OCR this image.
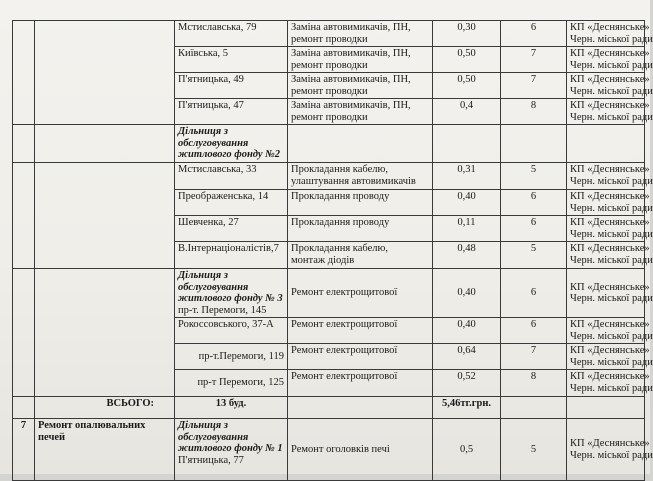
		Мстиславська, 79	Заміна автовимикачів, ПН,
ремонт проводки	0,30	6	КП «Деснянське»
Черн. міської ради

		Київська, 5	Заміна автовимикачів, ПН,
ремонт проводки	0,50	7	КП «Деснянське»
Черн. міської ради

		П'ятницька, 49	Заміна автовимикачів, ПН,
ремонт проводки	0,50	7	КП «Деснянське»
Черн. міської ради

		П'ятницька, 47	Заміна автовимикачів, ПН,
ремонт проводки	0,4	8	КП «Деснянське»
Черн. міської ради

		Дільниця з
обслуговування
житлового фонду №2				

		Мстиславська, 33	Прокладання кабелю,
улаштування автовимикачів	0,31	5	КП «Деснянське»
Черн. міської ради

		Преображенська, 14	Прокладання проводу	0,40	6	КП «Деснянське»
Черн. міської ради

		Шевченка, 27	Прокладання проводу	0,11	6	КП «Деснянське»
Черн. міської ради

		В.Інтернаціоналістів,7	Прокладання кабелю,
монтаж діодів	0,48	5	КП «Деснянське»
Черн. міської ради

		Дільниця з
обслуговування
житлового фонду № 3
пр-т. Перемоги, 145	Ремонт електрощитової	0,40	6	КП «Деснянське»
Черн. міської ради

		Рокоссовського, 37-А	Ремонт електрощитової	0,40	6	КП «Деснянське»
Черн. міської ради

		пр-т.Перемоги, 119	Ремонт електрощитової	0,64	7	КП «Деснянське»
Черн. міської ради

		пр-т Перемоги, 125	Ремонт електрощитової	0,52	8	КП «Деснянське»
Черн. міської ради

	ВСЬОГО:	13 буд.		5,46тг.грн.		
7	Ремонт опалювальних
печей	Дільниця з
обслуговування
житлового фонду № 1
П'ятницька, 77	Ремонт оголовків печі	0,5	5	КП «Деснянське»
Черн. міської ради
